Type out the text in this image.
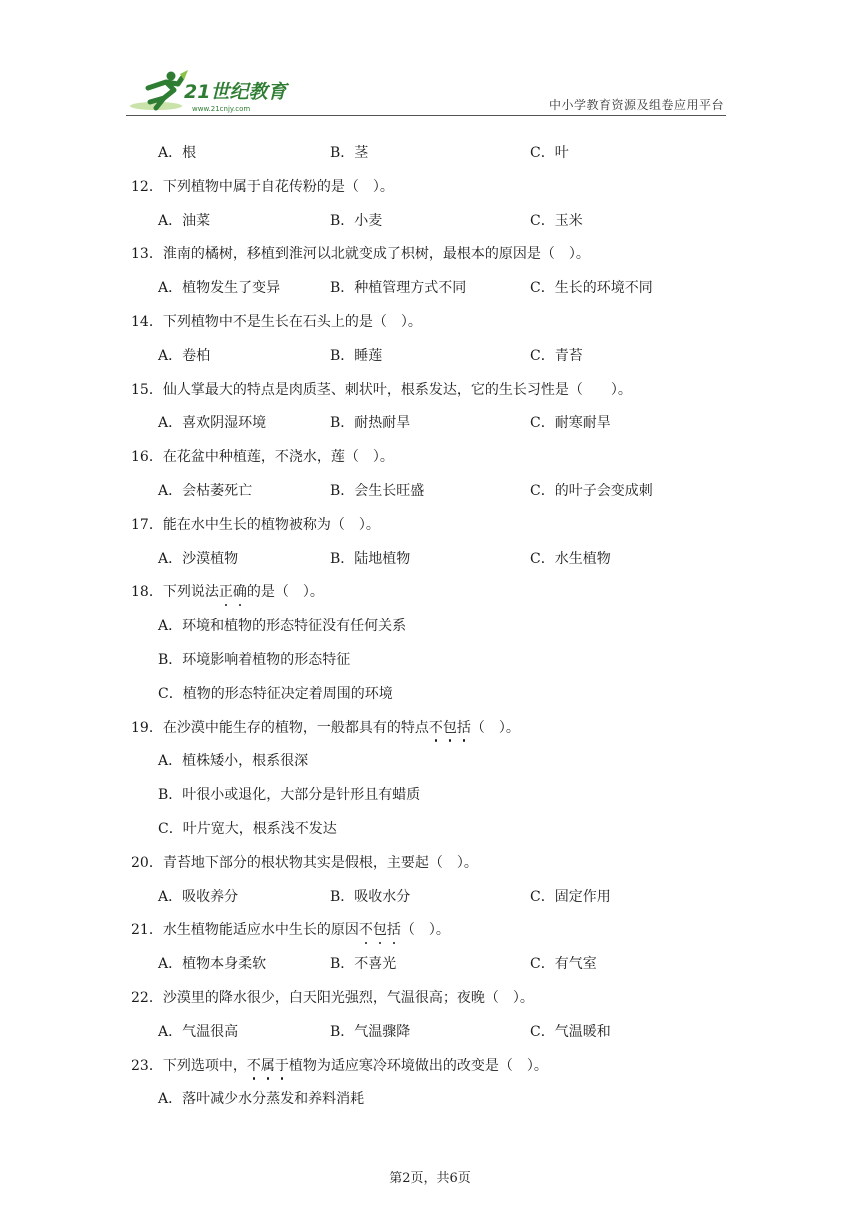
21世纪教育
www.21cnjy.com	中小学教育资源及组卷应用平台
A．根	B．茎	C．叶
12．下列植物中属于自花传粉的是（　）。
A．油菜	B．小麦	C．玉米
13．淮南的橘树，移植到淮河以北就变成了枳树，最根本的原因是（　）。
A．植物发生了变异	B．种植管理方式不同	C．生长的环境不同
14．下列植物中不是生长在石头上的是（　）。
A．卷柏	B．睡莲	C．青苔
15．仙人掌最大的特点是肉质茎、刺状叶，根系发达，它的生长习性是（　　）。
A．喜欢阴湿环境	B．耐热耐旱	C．耐寒耐旱
16．在花盆中种植莲，不浇水，莲（　）。
A．会枯萎死亡	B．会生长旺盛	C．的叶子会变成刺
17．能在水中生长的植物被称为（　）。
A．沙漠植物	B．陆地植物	C．水生植物
18．下列说法正确的是（　）。
A．环境和植物的形态特征没有任何关系
B．环境影响着植物的形态特征
C．植物的形态特征决定着周围的环境
19．在沙漠中能生存的植物，一般都具有的特点不包括（　）。
A．植株矮小，根系很深
B．叶很小或退化，大部分是针形且有蜡质
C．叶片宽大，根系浅不发达
20．青苔地下部分的根状物其实是假根，主要起（　）。
A．吸收养分	B．吸收水分	C．固定作用
21．水生植物能适应水中生长的原因不包括（　）。
A．植物本身柔软	B．不喜光	C．有气室
22．沙漠里的降水很少，白天阳光强烈，气温很高；夜晚（　）。
A．气温很高	B．气温骤降	C．气温暖和
23．下列选项中，不属于植物为适应寒冷环境做出的改变是（　）。
A．落叶减少水分蒸发和养料消耗
第2页，共6页
